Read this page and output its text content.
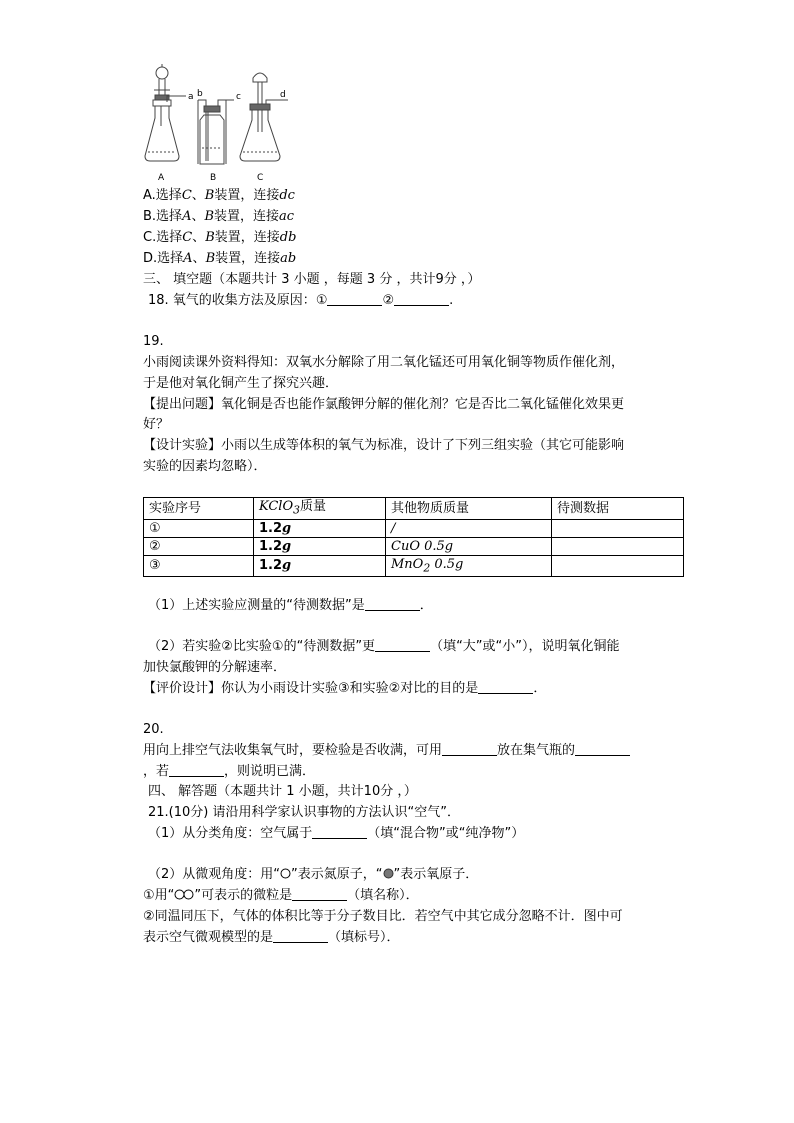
a b	c	d
A	B	C
A.选择C、B装置，连接dc
B.选择A、B装置，连接ac
C.选择C、B装置，连接db
D.选择A、B装置，连接ab
三、 填空题（本题共计 3 小题 ，每题 3 分 ，共计9分 ，）
18. 氧气的收集方法及原因：①	②	.
19.
小雨阅读课外资料得知：双氧水分解除了用二氧化锰还可用氧化铜等物质作催化剂，
于是他对氧化铜产生了探究兴趣．
【提出问题】氧化铜是否也能作氯酸钾分解的催化剂？它是否比二氧化锰催化效果更
好？
【设计实验】小雨以生成等体积的氧气为标准，设计了下列三组实验（其它可能影响
实验的因素均忽略）．
实验序号	KClO$_3$质量	其他物质质量	待测数据
①	1.2g	/	
②	1.2g	CuO 0.5g	
③	1.2g	MnO$_2$ 0.5g	
（1）上述实验应测量的“待测数据”是	．
（2）若实验②比实验①的“待测数据”更	（填“大”或“小”），说明氧化铜能
加快氯酸钾的分解速率．
【评价设计】你认为小雨设计实验③和实验②对比的目的是	．
20.
用向上排空气法收集氧气时，要检验是否收满，可用	放在集气瓶的
，若	，则说明已满．
四、 解答题（本题共计 1 小题，共计10分 ，）
21.(10分) 请沿用科学家认识事物的方法认识“空气”．
（1）从分类角度：空气属于	（填“混合物”或“纯净物”）
（2）从微观角度：用“ ”表示氮原子，“ ”表示氧原子．
①用“ ”可表示的微粒是	（填名称）．
②同温同压下，气体的体积比等于分子数目比．若空气中其它成分忽略不计．图中可
表示空气微观模型的是	（填标号）．
